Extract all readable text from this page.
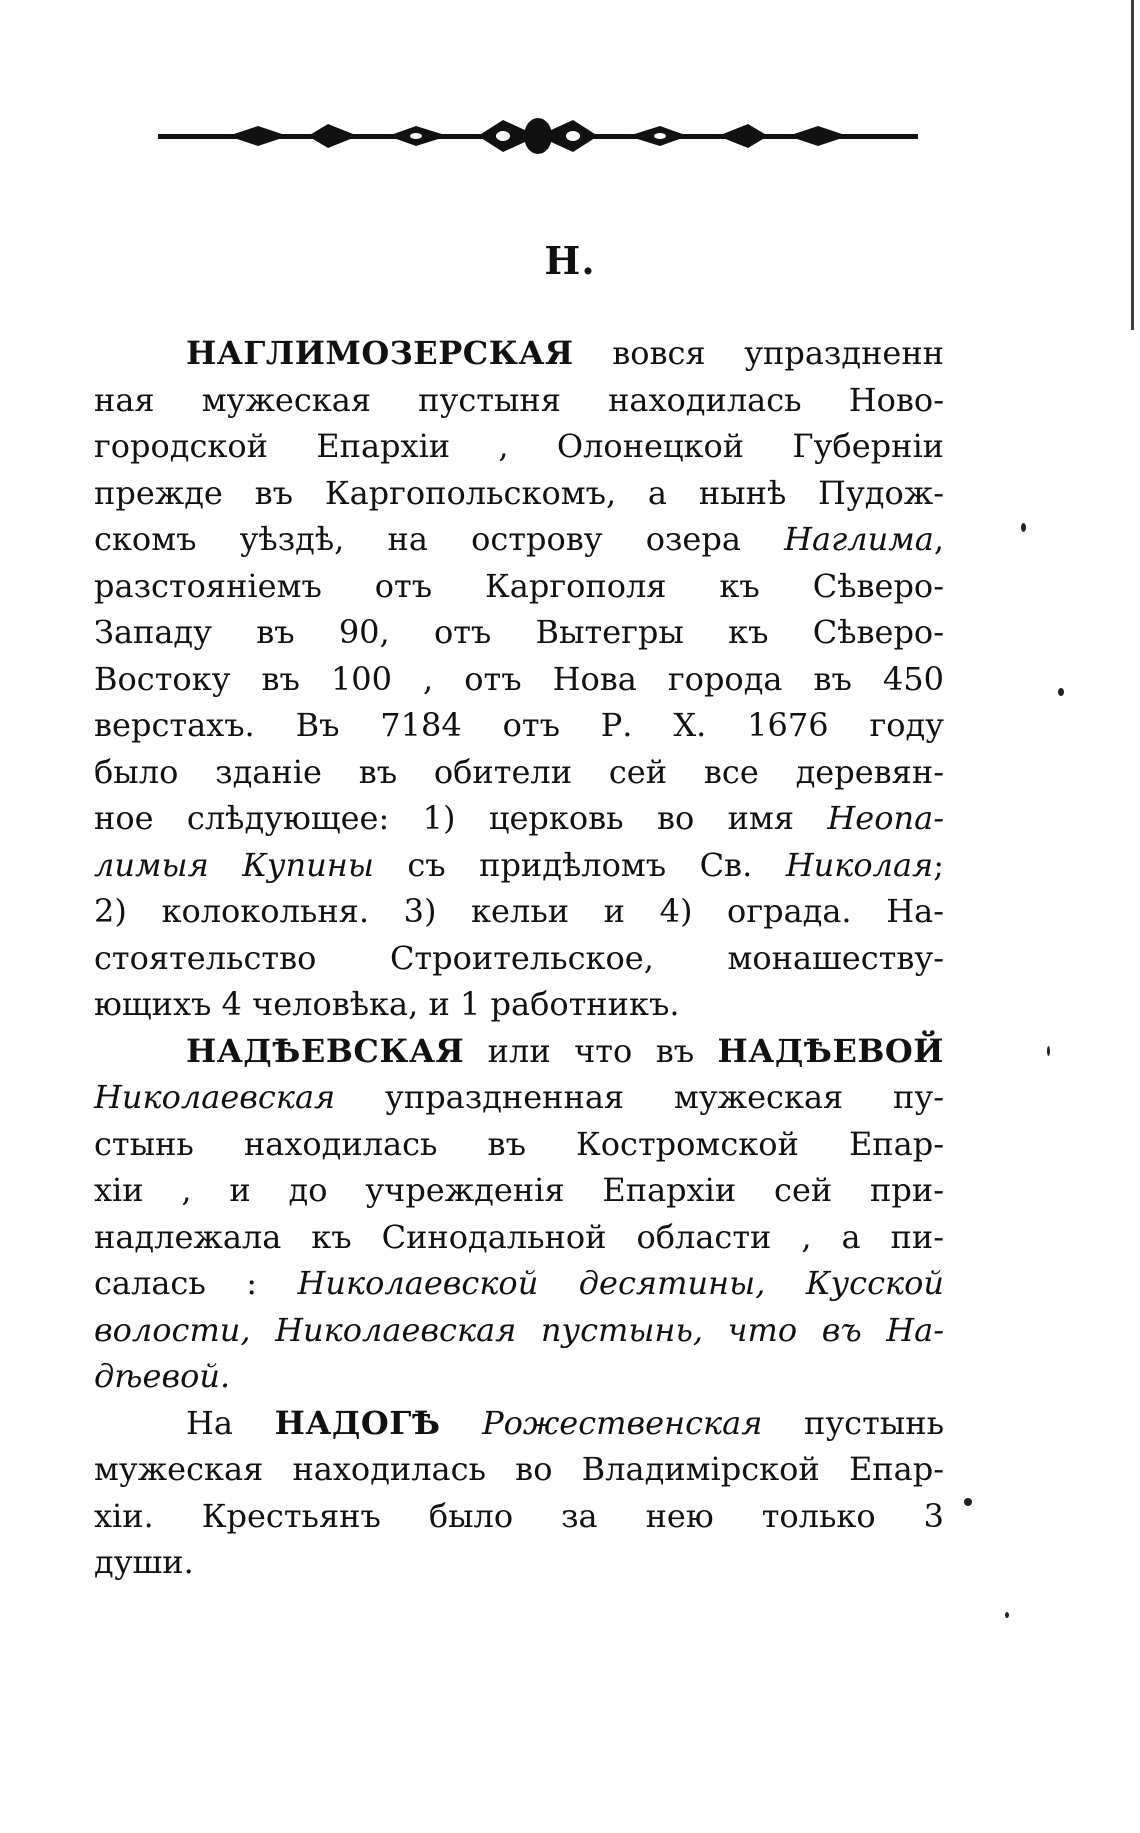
Н.
НАГЛИМОЗЕРСКАЯ вовся упраздненн
ная мужеская пустыня находилась Ново-
городской Епархіи , Олонецкой Губерніи
прежде въ Каргопольскомъ, а нынѣ Пудож-
скомъ уѣздѣ, на острову озера Наглима,
разстояніемъ отъ Каргополя къ Сѣверо-
Западу въ 90, отъ Вытегры къ Сѣверо-
Востоку въ 100 , отъ Нова города въ 450
верстахъ. Въ 7184 отъ Р. Х. 1676 году
было зданіе въ обители сей все деревян-
ное слѣдующее: 1) церковь во имя Неопа-
лимыя Купины съ придѣломъ Св. Николая;
2) колокольня. 3) кельи и 4) ограда. На-
стоятельство Строительское, монашеству-
ющихъ 4 человѣка, и 1 работникъ.
НАДѢЕВСКАЯ или что въ НАДѢЕВОЙ
Николаевская упраздненная мужеская пу-
стынь находилась въ Костромской Епар-
хіи , и до учрежденія Епархіи сей при-
надлежала къ Синодальной области , а пи-
салась : Николаевской десятины, Кусской
волости, Николаевская пустынь, что въ На-
дѣевой.
На НАДОГѢ Рожественская пустынь
мужеская находилась во Владимірской Епар-
хіи. Крестьянъ было за нею только 3
души.
